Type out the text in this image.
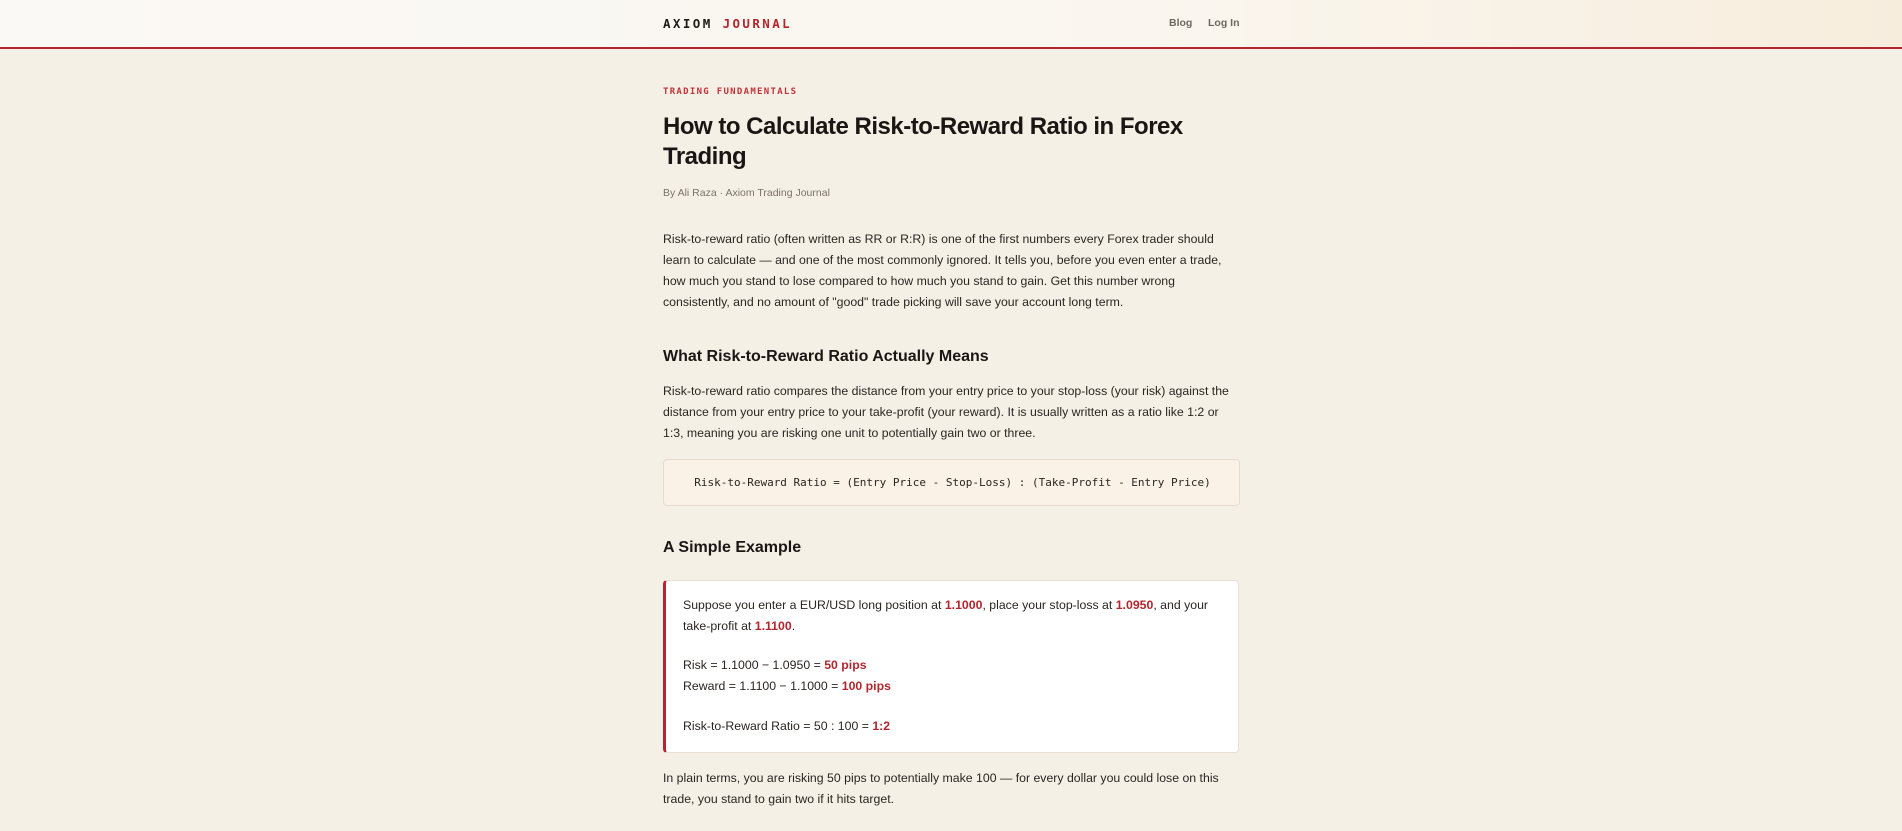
AXIOM JOURNAL	Blog Log In
TRADING FUNDAMENTALS
How to Calculate Risk-to-Reward Ratio in Forex Trading
By Ali Raza · Axiom Trading Journal

Risk-to-reward ratio (often written as RR or R:R) is one of the first numbers every Forex trader should learn to calculate — and one of the most commonly ignored. It tells you, before you even enter a trade, how much you stand to lose compared to how much you stand to gain. Get this number wrong consistently, and no amount of "good" trade picking will save your account long term.

What Risk-to-Reward Ratio Actually Means

Risk-to-reward ratio compares the distance from your entry price to your stop-loss (your risk) against the distance from your entry price to your take-profit (your reward). It is usually written as a ratio like 1:2 or 1:3, meaning you are risking one unit to potentially gain two or three.

Risk-to-Reward Ratio = (Entry Price - Stop-Loss) : (Take-Profit - Entry Price)
A Simple Example

Suppose you enter a EUR/USD long position at 1.1000, place your stop-loss at 1.0950, and your take-profit at 1.1100.

Risk = 1.1000 − 1.0950 = 50 pips

Reward = 1.1100 − 1.1000 = 100 pips

Risk-to-Reward Ratio = 50 : 100 = 1:2

In plain terms, you are risking 50 pips to potentially make 100 — for every dollar you could lose on this trade, you stand to gain two if it hits target.
